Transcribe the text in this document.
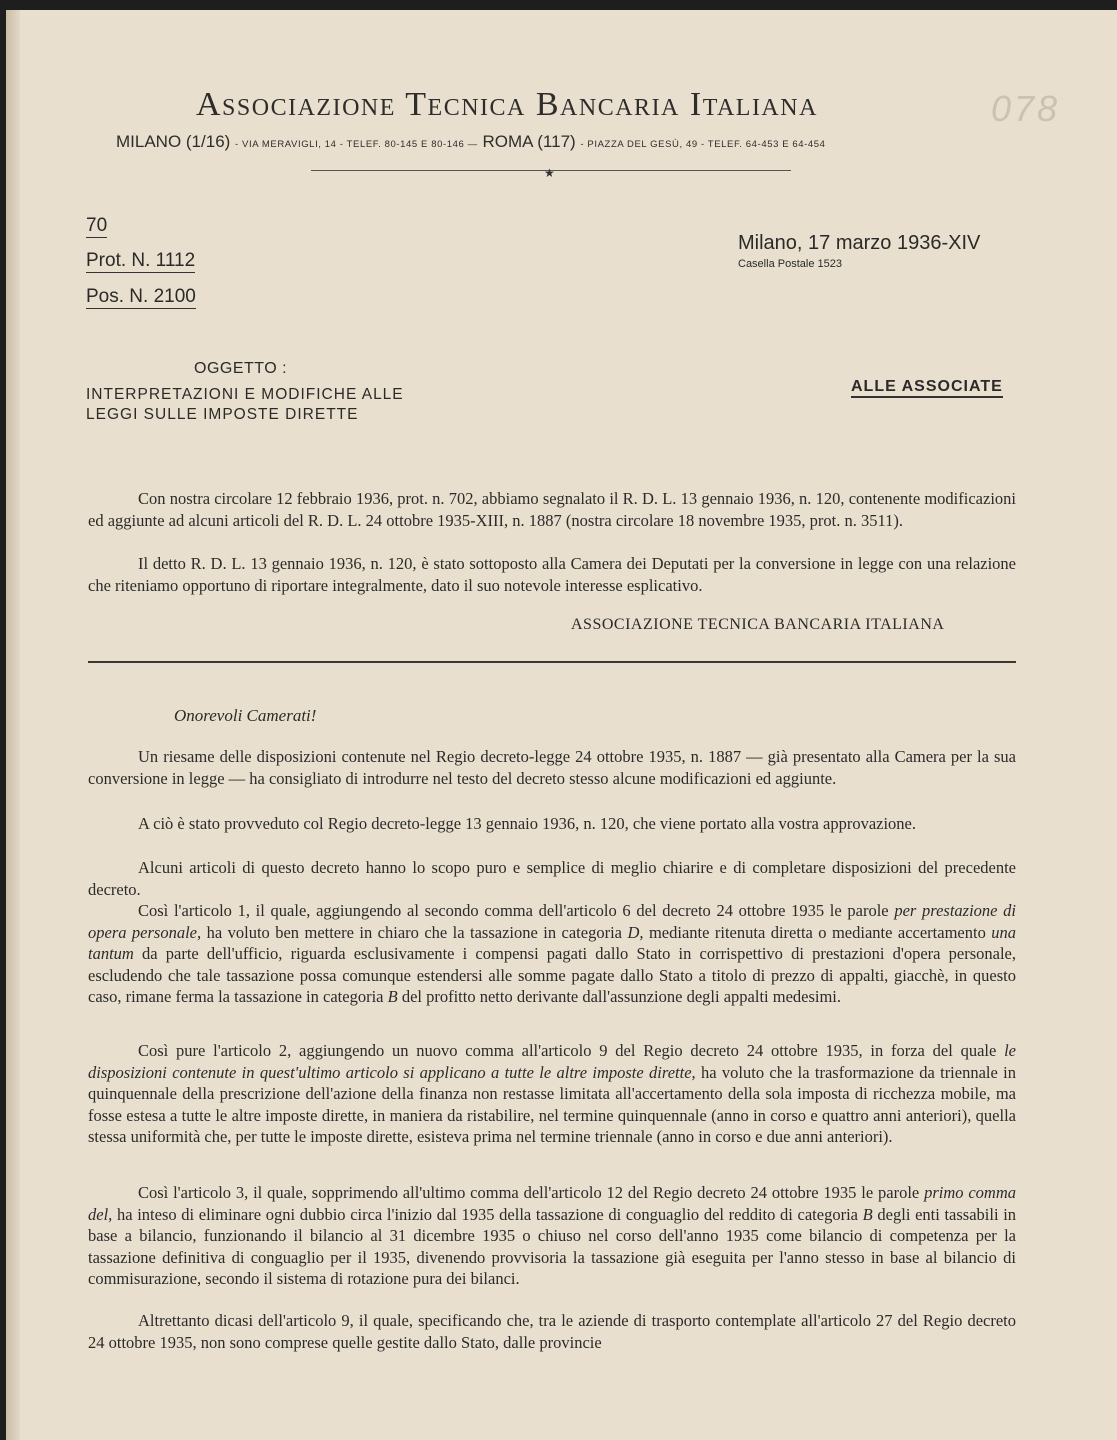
Associazione Tecnica Bancaria Italiana
MILANO (1/16) - VIA MERAVIGLI, 14 - TELEF. 80-145 E 80-146 — ROMA (117) - PIAZZA DEL GESÙ, 49 - TELEF. 64-453 E 64-454
★
078
70
Prot. N. 1112
Pos. N. 2100
Milano, 17 marzo 1936-XIV
Casella Postale 1523
OGGETTO :
INTERPRETAZIONI E MODIFICHE ALLE
LEGGI SULLE IMPOSTE DIRETTE
ALLE ASSOCIATE
Con nostra circolare 12 febbraio 1936, prot. n. 702, abbiamo segnalato il R. D. L. 13 gennaio 1936, n. 120, contenente modificazioni ed aggiunte ad alcuni articoli del R. D. L. 24 ottobre 1935-XIII, n. 1887 (nostra circolare 18 novembre 1935, prot. n. 3511).
Il detto R. D. L. 13 gennaio 1936, n. 120, è stato sottoposto alla Camera dei Deputati per la conversione in legge con una relazione che riteniamo opportuno di riportare integralmente, dato il suo notevole interesse esplicativo.
ASSOCIAZIONE TECNICA BANCARIA ITALIANA
Onorevoli Camerati!
Un riesame delle disposizioni contenute nel Regio decreto-legge 24 ottobre 1935, n. 1887 — già presentato alla Camera per la sua conversione in legge — ha consigliato di introdurre nel testo del decreto stesso alcune modificazioni ed aggiunte.
A ciò è stato provveduto col Regio decreto-legge 13 gennaio 1936, n. 120, che viene portato alla vostra approvazione.
Alcuni articoli di questo decreto hanno lo scopo puro e semplice di meglio chiarire e di completare disposizioni del precedente decreto.
Così l'articolo 1, il quale, aggiungendo al secondo comma dell'articolo 6 del decreto 24 ottobre 1935 le parole per prestazione di opera personale, ha voluto ben mettere in chiaro che la tassazione in categoria D, mediante ritenuta diretta o mediante accertamento una tantum da parte dell'ufficio, riguarda esclusivamente i compensi pagati dallo Stato in corrispettivo di prestazioni d'opera personale, escludendo che tale tassazione possa comunque estendersi alle somme pagate dallo Stato a titolo di prezzo di appalti, giacchè, in questo caso, rimane ferma la tassazione in categoria B del profitto netto derivante dall'assunzione degli appalti medesimi.
Così pure l'articolo 2, aggiungendo un nuovo comma all'articolo 9 del Regio decreto 24 ottobre 1935, in forza del quale le disposizioni contenute in quest'ultimo articolo si applicano a tutte le altre imposte dirette, ha voluto che la trasformazione da triennale in quinquennale della prescrizione dell'azione della finanza non restasse limitata all'accertamento della sola imposta di ricchezza mobile, ma fosse estesa a tutte le altre imposte dirette, in maniera da ristabilire, nel termine quinquennale (anno in corso e quattro anni anteriori), quella stessa uniformità che, per tutte le imposte dirette, esisteva prima nel termine triennale (anno in corso e due anni anteriori).
Così l'articolo 3, il quale, sopprimendo all'ultimo comma dell'articolo 12 del Regio decreto 24 ottobre 1935 le parole primo comma del, ha inteso di eliminare ogni dubbio circa l'inizio dal 1935 della tassazione di conguaglio del reddito di categoria B degli enti tassabili in base a bilancio, funzionando il bilancio al 31 dicembre 1935 o chiuso nel corso dell'anno 1935 come bilancio di competenza per la tassazione definitiva di conguaglio per il 1935, divenendo provvisoria la tassazione già eseguita per l'anno stesso in base al bilancio di commisurazione, secondo il sistema di rotazione pura dei bilanci.
Altrettanto dicasi dell'articolo 9, il quale, specificando che, tra le aziende di trasporto contemplate all'articolo 27 del Regio decreto 24 ottobre 1935, non sono comprese quelle gestite dallo Stato, dalle provincie
